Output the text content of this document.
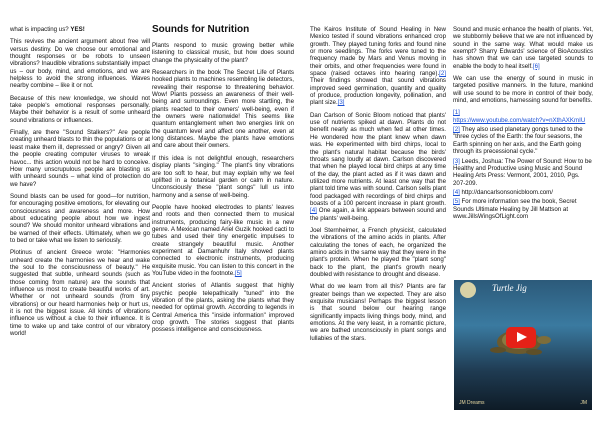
what is impacting us? YES!

This revives the ancient argument about free will versus destiny. Do we choose our emotional and thought responses or be robots to unseen vibrations? Inaudible vibrations substantially impact us – our body, mind, and emotions, and we are helpless to avoid the strong influences. Waves nearby combine – like it or not.

Because of this new knowledge, we should not take people's emotional responses personally. Maybe their behavior is a result of some unheard sound vibrations or influences.

Finally, are there "Sound Stalkers?" Are people creating unheard blasts to thin the populations or at least make them ill, depressed or angry? Given all the people creating computer viruses to wreak havoc... this action would not be hard to conceive. How many unscrupulous people are blasting us with unheard sounds – what kind of protection do we have?

Sound blasts can be used for good—for nutrition, for encouraging positive emotions, for elevating our consciousness and awareness and more. How about educating people about how we ingest sound? We should monitor unheard vibrations and be warned of their effects. Ultimately, when we go to bed or take what we listen to seriously.

Plotinus of ancient Greece wrote: "Harmonies unheard create the harmonies we hear and wake the soul to the consciousness of beauty." He suggested that subtle, unheard sounds (such as those coming from nature) are the sounds that influence us most to create beautiful works of art. Whether or not unheard sounds (from tiny vibrations) or our heard harmonies help or hurt us, it is not the biggest issue. All kinds of vibrations influence us without a clue to their influence. It is time to wake up and take control of our vibratory world!

Sounds for Nutrition

Plants respond to music growing better while listening to classical music, but how does sound change the physicality of the plant?

Researchers in the book The Secret Life of Plants hooked plants to machines resembling lie detectors, revealing their response to threatening behavior. Wow! Plants possess an awareness of their well-being and surroundings. Even more startling, the plants reacted to their owners' well-being, even if the owners were nationwide! This seems like quantum entanglement when two energies link on the quantum level and affect one another, even at long distances. Maybe the plants have emotions and care about their owners.

If this idea is not delightful enough, researchers display plants "singing." The plant's tiny vibrations are too soft to hear, but may explain why we feel uplifted in a botanical garden or calm in nature. Unconsciously these "plant songs" lull us into harmony and a sense of well-being.

People have hooked electrodes to plants' leaves and roots and then connected them to musical instruments, producing fairy-like music in a new genre. A Mexican named Ariel Guzik hooked cacti to tubes and used their tiny energetic impulses to create strangely beautiful music. Another experiment at Damanhuhr Italy showed plants connected to electronic instruments, producing exquisite music. You can listen to this concert in the YouTube video in the footnote.[5]

Ancient stories of Atlantis suggest that highly psychic people telepathically "tuned" into the vibration of the plants, asking the plants what they needed for optimal growth. According to legends in Central America this "inside information" improved crop growth. The stories suggest that plants possess intelligence and consciousness.

The Kairos Institute of Sound Healing in New Mexico tested if sound vibrations enhanced crop growth. They played tuning forks and found nine or more seedlings. The forks were tuned to the frequency made by Mars and Venus moving in their orbits, and other frequencies were found in space (raised octaves into hearing range).[2] Their findings showed that sound vibrations improved seed germination, quantity and quality of produce, production longevity, pollination, and plant size.[3]

Dan Carlson of Sonic Bloom noticed that plants' use of nutrients spiked at dawn. Plants do not benefit nearly as much when fed at other times. He wondered how the plant knew when dawn was. He experimented with bird chirps, local to the plant's natural habitat because the birds' throats sang loudly at dawn. Carlson discovered that when he played local bird chirps at any time of the day, the plant acted as if it was dawn and utilized more nutrients. At least one way that the plant told time was with sound. Carlson sells plant food packaged with recordings of bird chirps and boasts of a 100 percent increase in plant growth.[4] One again, a link appears between sound and the plants' well-being.

Joel Sternheimer, a French physicist, calculated the vibrations of the amino acids in plants. After calculating the tones of each, he organized the amino acids in the same way that they were in the plant's protein. When he played the "plant song" back to the plant, the plant's growth nearly doubled with resistance to drought and disease.

What do we learn from all this? Plants are far greater beings than we expected. They are also exquisite musicians! Perhaps the biggest lesson is that sound below our hearing range significantly impacts living things body, mind, and emotions. At the very least, in a romantic picture, we are bathed unconsciously in plant songs and lullabies of the stars.

Sound and music enhance the health of plants. Yet, we stubbornly believe that we are not influenced by sound in the same way. What would make us exempt? Sharry Edwards' science of BioAcoustics has shown that we can use targeted sounds to enable the body to heal itself.[6]

We can use the energy of sound in music in targeted positive manners. In the future, mankind will use sound to be more in control of their body, mind, and emotions, harnessing sound for benefits.

[1]
https://www.youtube.com/watch?v=nXthAXKmIU

[2] They also used planetary gongs tuned to the "three cycles of the Earth: the four seasons, the Earth spinning on her axis, and the Earth going through its precessional cycle."

[3] Leeds, Joshua: The Power of Sound: How to be Healthy and Productive using Music and Sound Healing Arts Press: Vermont, 2001, 2010, Pgs. 207-209.

[4] http://dancarlsonsonicbloom.com/

[5] For more information see the book, Secret Sounds Ultimate Healing by Jill Mattson at www.JillsWingsOfLight.com

Turtle Jig
JM Dreams	JM
